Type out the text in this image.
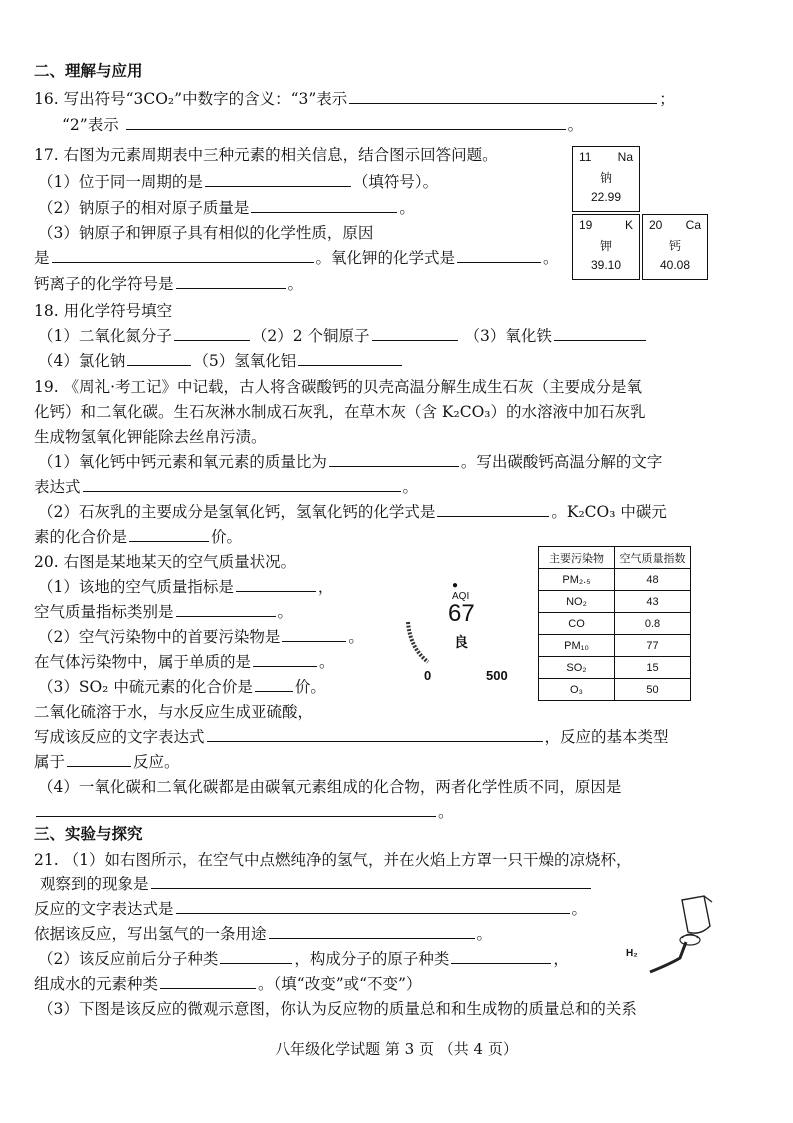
二、理解与应用
16. 写出符号“3CO₂”中数字的含义：“3”表示	；
“2”表示	。
17. 右图为元素周期表中三种元素的相关信息，结合图示回答问题。
（1）位于同一周期的是	（填符号）。
（2）钠原子的相对原子质量是	。
（3）钠原子和钾原子具有相似的化学性质，原因
是	。氧化钾的化学式是	。
钙离子的化学符号是	。
11 Na
钠
22.99
19	K
钾
39.10
20 Ca
钙
40.08
18. 用化学符号填空
（1）二氧化氮分子	（2）2 个铜原子	（3）氧化铁
（4）氯化钠	（5）氢氧化铝
19. 《周礼·考工记》中记载，古人将含碳酸钙的贝壳高温分解生成生石灰（主要成分是氧
化钙）和二氧化碳。生石灰淋水制成石灰乳，在草木灰（含 K₂CO₃）的水溶液中加石灰乳
生成物氢氧化钾能除去丝帛污渍。
（1）氧化钙中钙元素和氧元素的质量比为	。写出碳酸钙高温分解的文字
表达式	。
（2）石灰乳的主要成分是氢氧化钙，氢氧化钙的化学式是	。K₂CO₃ 中碳元
素的化合价是	价。
20. 右图是某地某天的空气质量状况。
（1）该地的空气质量指标是	，
空气质量指标类别是	。
（2）空气污染物中的首要污染物是	。
在气体污染物中，属于单质的是	。
（3）SO₂ 中硫元素的化合价是	价。
二氧化硫溶于水，与水反应生成亚硫酸，
写成该反应的文字表达式	，反应的基本类型
属于	反应。
（4）一氧化碳和二氧化碳都是由碳氧元素组成的化合物，两者化学性质不同，原因是
。
● AQI
67
良
0	500
主要污染物	空气质量指数
PM₂.₅	48
NO₂	43
CO	0.8
PM₁₀	77
SO₂	15
O₃	50
三、实验与探究
21. （1）如右图所示，在空气中点燃纯净的氢气，并在火焰上方罩一只干燥的凉烧杯，
观察到的现象是
反应的文字表达式是	。
依据该反应，写出氢气的一条用途	。
（2）该反应前后分子种类	，构成分子的原子种类	，
组成水的元素种类	。（填“改变”或“不变”）
（3）下图是该反应的微观示意图，你认为反应物的质量总和和生成物的质量总和的关系
H₂
八年级化学试题 第 3 页 （共 4 页）
